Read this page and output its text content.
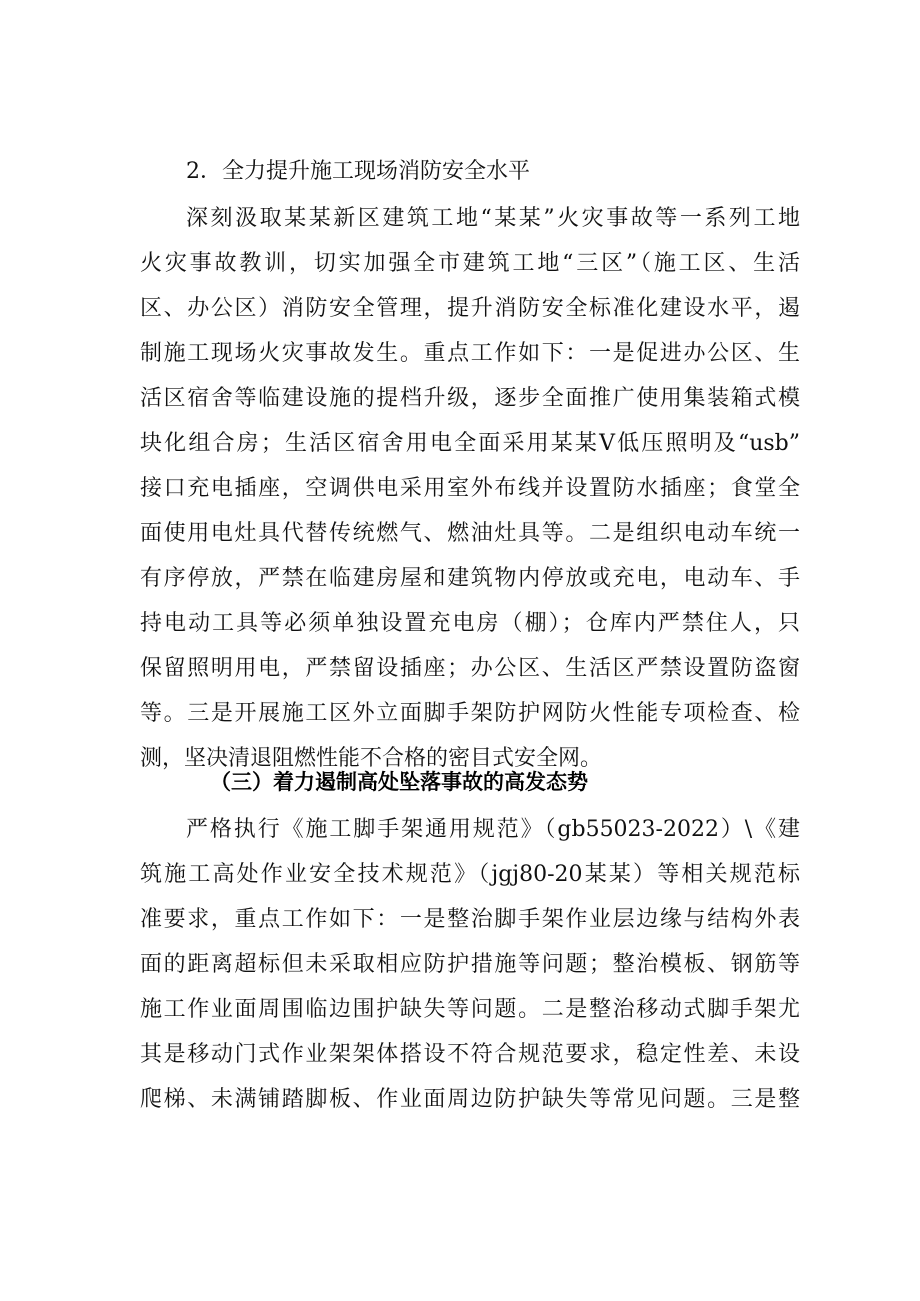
2．全力提升施工现场消防安全水平
深刻汲取某某新区建筑工地“某某”火灾事故等一系列工地
火灾事故教训，切实加强全市建筑工地“三区”（施工区、生活
区、办公区）消防安全管理，提升消防安全标准化建设水平，遏
制施工现场火灾事故发生。重点工作如下：一是促进办公区、生
活区宿舍等临建设施的提档升级，逐步全面推广使用集装箱式模
块化组合房；生活区宿舍用电全面采用某某Ⅴ低压照明及“usb”
接口充电插座，空调供电采用室外布线并设置防水插座；食堂全
面使用电灶具代替传统燃气、燃油灶具等。二是组织电动车统一
有序停放，严禁在临建房屋和建筑物内停放或充电，电动车、手
持电动工具等必须单独设置充电房（棚）；仓库内严禁住人，只
保留照明用电，严禁留设插座；办公区、生活区严禁设置防盗窗
等。三是开展施工区外立面脚手架防护网防火性能专项检查、检
测，坚决清退阻燃性能不合格的密目式安全网。
（三）着力遏制高处坠落事故的高发态势
严格执行《施工脚手架通用规范》（gb55023-2022）\《建
筑施工高处作业安全技术规范》（jgj80-20某某）等相关规范标
准要求，重点工作如下：一是整治脚手架作业层边缘与结构外表
面的距离超标但未采取相应防护措施等问题；整治模板、钢筋等
施工作业面周围临边围护缺失等问题。二是整治移动式脚手架尤
其是移动门式作业架架体搭设不符合规范要求，稳定性差、未设
爬梯、未满铺踏脚板、作业面周边防护缺失等常见问题。三是整
